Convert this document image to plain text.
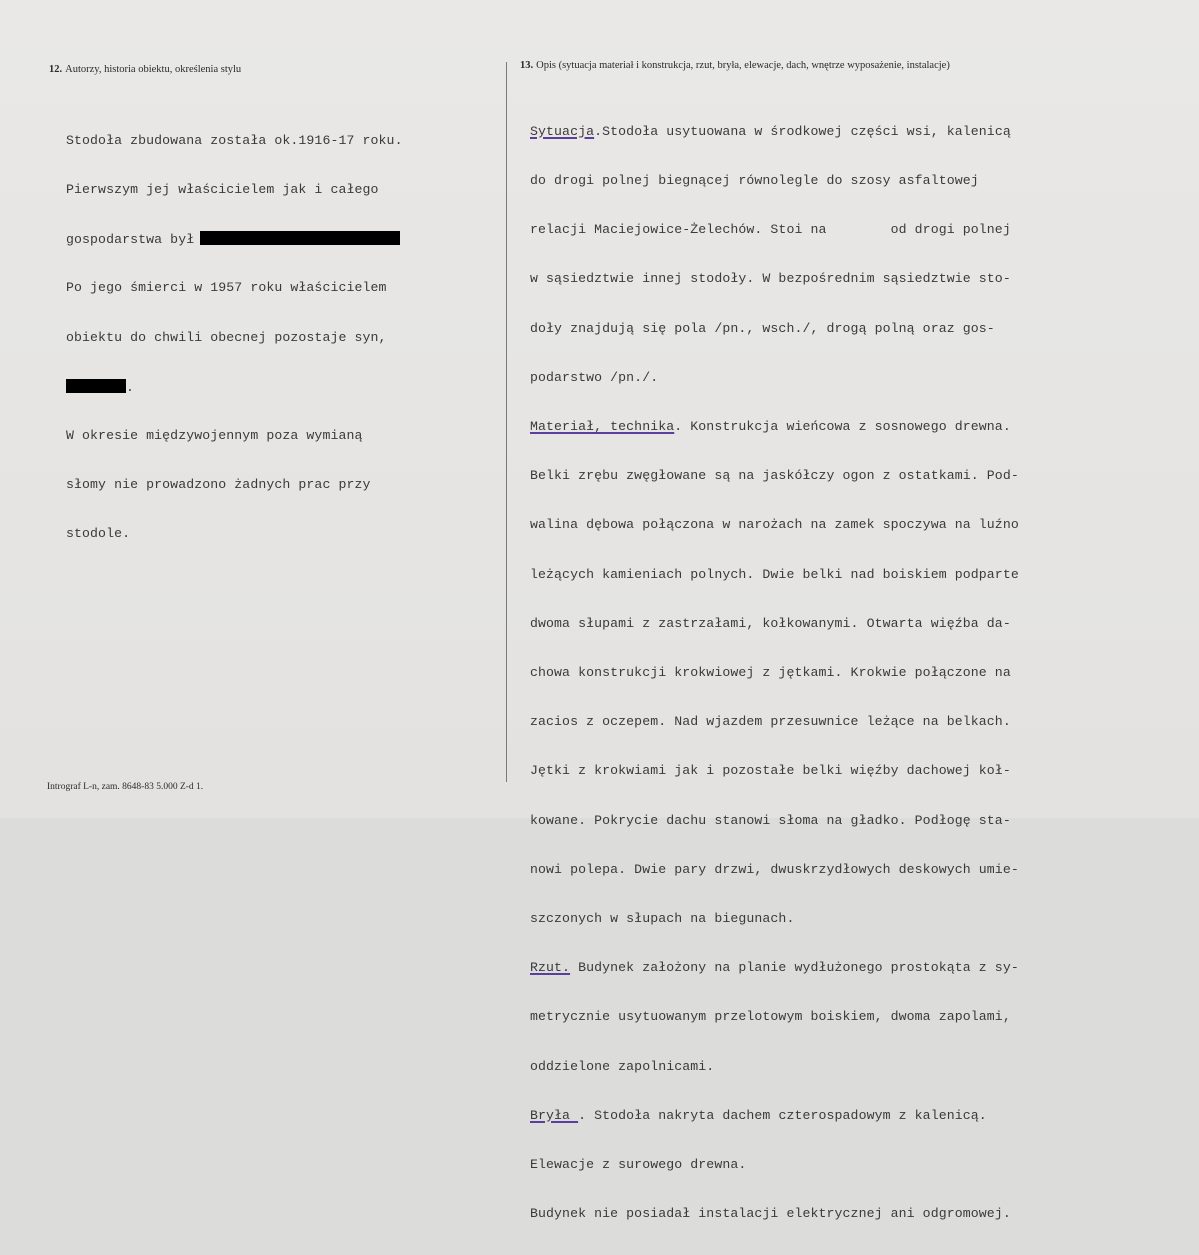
12. Autorzy, historia obiektu, określenia stylu	13. Opis (sytuacja materiał i konstrukcja, rzut, bryła, elewacje, dach, wnętrze wyposażenie, instalacje)

Stodoła zbudowana została ok.1916-17 roku.

Pierwszym jej właścicielem jak i całego

gospodarstwa był

Po jego śmierci w 1957 roku właścicielem

obiektu do chwili obecnej pozostaje syn,

.

W okresie międzywojennym poza wymianą

słomy nie prowadzono żadnych prac przy

stodole.

Sytuacja.Stodoła usytuowana w środkowej części wsi, kalenicą

do drogi polnej biegnącej równolegle do szosy asfaltowej

relacji Maciejowice-Żelechów. Stoi na        od drogi polnej

w sąsiedztwie innej stodoły. W bezpośrednim sąsiedztwie sto-

doły znajdują się pola /pn., wsch./, drogą polną oraz gos-

podarstwo /pn./.

Materiał, technika. Konstrukcja wieńcowa z sosnowego drewna.

Belki zrębu zwęgłowane są na jaskółczy ogon z ostatkami. Pod-

walina dębowa połączona w narożach na zamek spoczywa na luźno

leżących kamieniach polnych. Dwie belki nad boiskiem podparte

dwoma słupami z zastrzałami, kołkowanymi. Otwarta więźba da-

chowa konstrukcji krokwiowej z jętkami. Krokwie połączone na

zacios z oczepem. Nad wjazdem przesuwnice leżące na belkach.

Jętki z krokwiami jak i pozostałe belki więźby dachowej koł-

kowane. Pokrycie dachu stanowi słoma na gładko. Podłogę sta-

nowi polepa. Dwie pary drzwi, dwuskrzydłowych deskowych umie-

szczonych w słupach na biegunach.

Rzut. Budynek założony na planie wydłużonego prostokąta z sy-

metrycznie usytuowanym przelotowym boiskiem, dwoma zapolami,

oddzielone zapolnicami.

Bryła . Stodoła nakryta dachem czterospadowym z kalenicą.

Elewacje z surowego drewna.

Budynek nie posiadał instalacji elektrycznej ani odgromowej.

Intrograf L-n, zam. 8648-83 5.000 Z-d 1.
